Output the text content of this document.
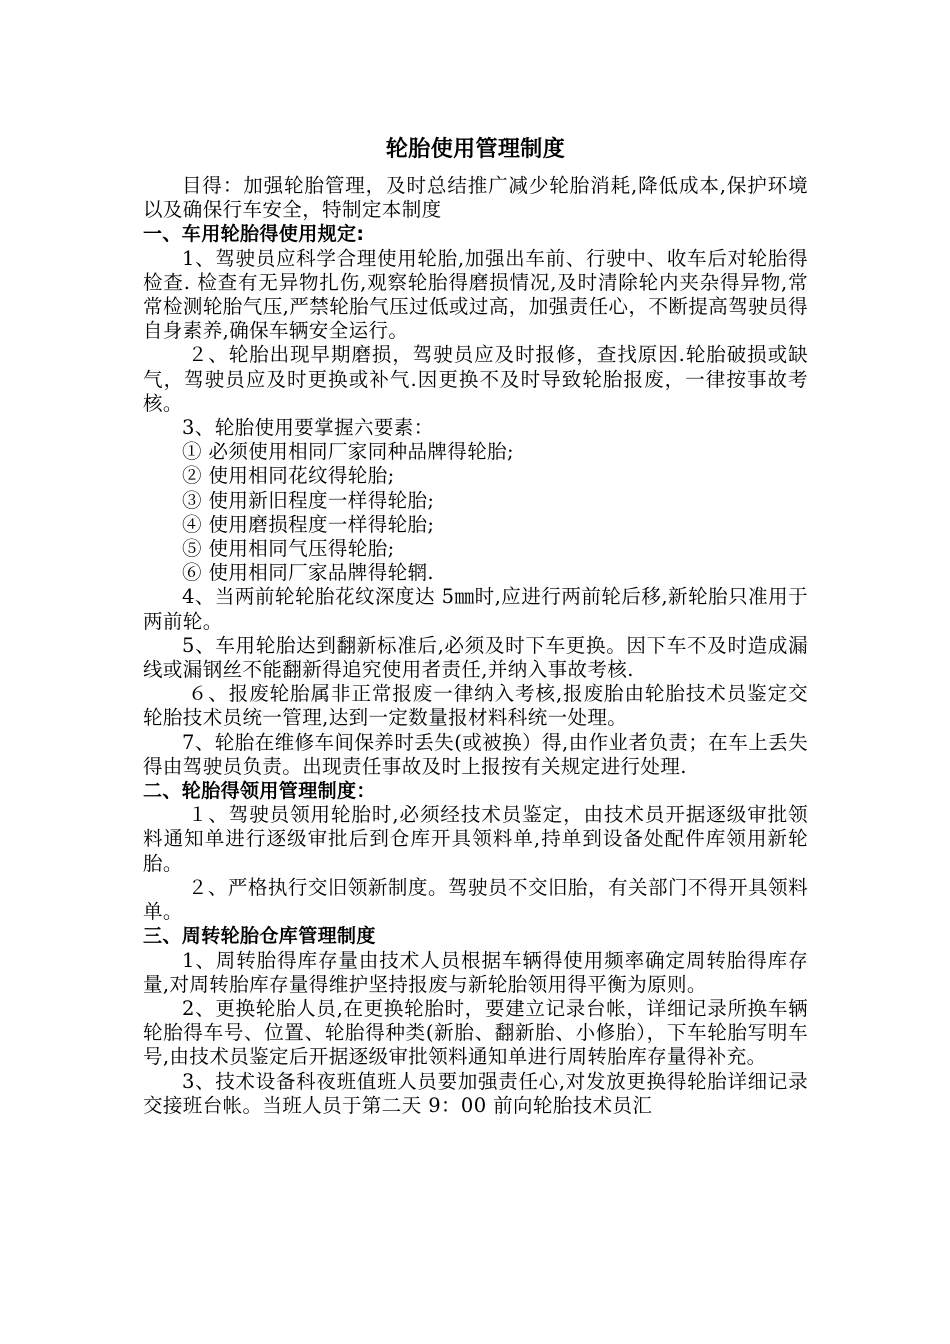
轮胎使用管理制度

目得：加强轮胎管理，及时总结推广减少轮胎消耗,降低成本,保护环境以及确保行车安全，特制定本制度

一、车用轮胎得使用规定:

1、驾驶员应科学合理使用轮胎,加强出车前、行驶中、收车后对轮胎得检查. 检查有无异物扎伤,观察轮胎得磨损情况,及时清除轮内夹杂得异物,常常检测轮胎气压,严禁轮胎气压过低或过高，加强责任心，不断提高驾驶员得自身素养,确保车辆安全运行。

２、轮胎出现早期磨损，驾驶员应及时报修，查找原因.轮胎破损或缺气，驾驶员应及时更换或补气.因更换不及时导致轮胎报废，一律按事故考核。

3、轮胎使用要掌握六要素：

① 必须使用相同厂家同种品牌得轮胎;

② 使用相同花纹得轮胎;

③ 使用新旧程度一样得轮胎;

④ 使用磨损程度一样得轮胎;

⑤ 使用相同气压得轮胎;

⑥ 使用相同厂家品牌得轮辋.

4、当两前轮轮胎花纹深度达 5㎜时,应进行两前轮后移,新轮胎只准用于两前轮。

5、车用轮胎达到翻新标准后,必须及时下车更换。因下车不及时造成漏线或漏钢丝不能翻新得追究使用者责任,并纳入事故考核.

６、报废轮胎属非正常报废一律纳入考核,报废胎由轮胎技术员鉴定交轮胎技术员统一管理,达到一定数量报材料科统一处理。

7、轮胎在维修车间保养时丢失(或被换）得,由作业者负责；在车上丢失得由驾驶员负责。出现责任事故及时上报按有关规定进行处理.

二、轮胎得领用管理制度：

１、驾驶员领用轮胎时,必须经技术员鉴定，由技术员开据逐级审批领料通知单进行逐级审批后到仓库开具领料单,持单到设备处配件库领用新轮胎。

２、严格执行交旧领新制度。驾驶员不交旧胎，有关部门不得开具领料单。

三、周转轮胎仓库管理制度

1、周转胎得库存量由技术人员根据车辆得使用频率确定周转胎得库存量,对周转胎库存量得维护坚持报废与新轮胎领用得平衡为原则。

2、更换轮胎人员,在更换轮胎时，要建立记录台帐，详细记录所换车辆轮胎得车号、位置、轮胎得种类(新胎、翻新胎、小修胎），下车轮胎写明车号,由技术员鉴定后开据逐级审批领料通知单进行周转胎库存量得补充。

3、技术设备科夜班值班人员要加强责任心,对发放更换得轮胎详细记录交接班台帐。当班人员于第二天 9：00 前向轮胎技术员汇
